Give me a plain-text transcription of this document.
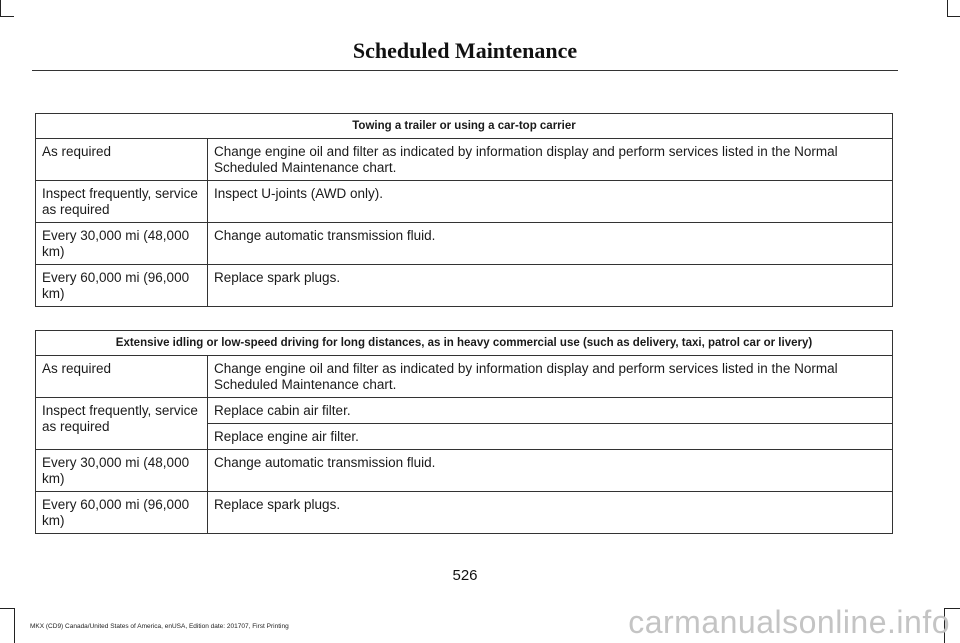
Scheduled Maintenance
Towing a trailer or using a car-top carrier	
As required	Change engine oil and filter as indicated by information display and perform services listed in the Normal Scheduled Maintenance chart.
Inspect frequently, service as required	Inspect U-joints (AWD only).
Every 30,000 mi (48,000 km)	Change automatic transmission fluid.
Every 60,000 mi (96,000 km)	Replace spark plugs.
Extensive idling or low-speed driving for long distances, as in heavy commercial use (such as delivery, taxi, patrol car or livery)	
As required	Change engine oil and filter as indicated by information display and perform services listed in the Normal Scheduled Maintenance chart.
Inspect frequently, service as required	Replace cabin air filter.
	Replace engine air filter.
Every 30,000 mi (48,000 km)	Change automatic transmission fluid.
Every 60,000 mi (96,000 km)	Replace spark plugs.
526
MKX (CD9) Canada/United States of America, enUSA, Edition date: 201707, First Printing	carmanualsonline.info
